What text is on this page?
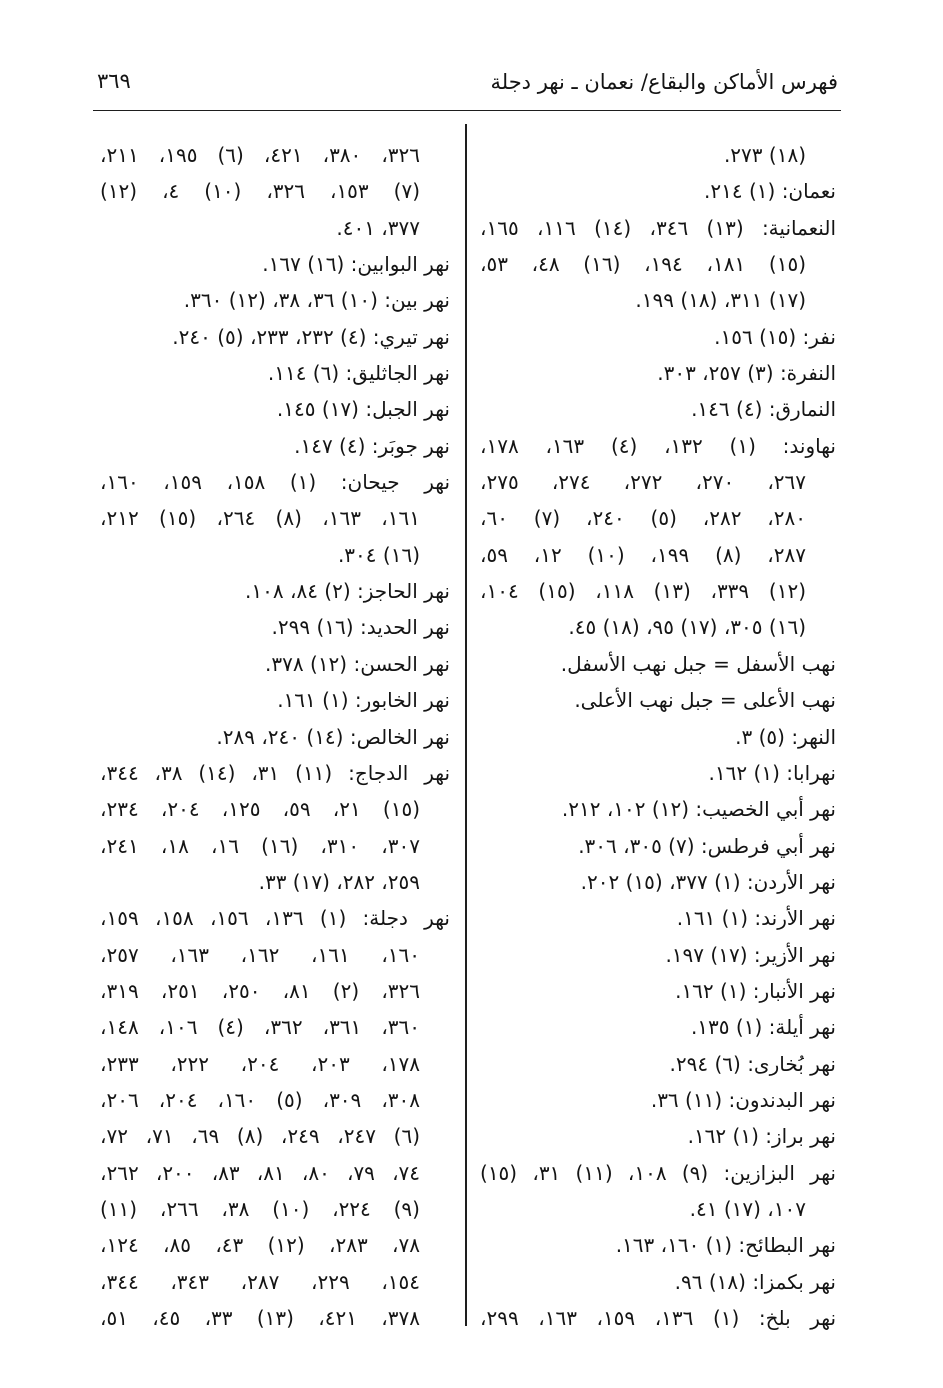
فهرس الأماكن والبقاع/ نعمان ـ نهر دجلة
٣٦٩
(١٨) ٢٧٣.
نعمان: (١) ٢١٤.
النعمانية: (١٣) ٣٤٦، (١٤) ١١٦، ١٦٥،
(١٥) ١٨١، ١٩٤، (١٦) ٤٨، ٥٣،
(١٧) ٣١١، (١٨) ١٩٩.
نفر: (١٥) ١٥٦.
النفرة: (٣) ٢٥٧، ٣٠٣.
النمارق: (٤) ١٤٦.
نهاوند: (١) ١٣٢، (٤) ١٦٣، ١٧٨،
٢٦٧، ٢٧٠، ٢٧٢، ٢٧٤، ٢٧٥،
٢٨٠، ٢٨٢، (٥) ٢٤٠، (٧) ٦٠،
٢٨٧، (٨) ١٩٩، (١٠) ١٢، ٥٩،
(١٢) ٣٣٩، (١٣) ١١٨، (١٥) ١٠٤،
(١٦) ٣٠٥، (١٧) ٩٥، (١٨) ٤٥.
نهب الأسفل = جبل نهب الأسفل.
نهب الأعلى = جبل نهب الأعلى.
النهر: (٥) ٣.
نهرابا: (١) ١٦٢.
نهر أبي الخصيب: (١٢) ١٠٢، ٢١٢.
نهر أبي فرطس: (٧) ٣٠٥، ٣٠٦.
نهر الأردن: (١) ٣٧٧، (١٥) ٢٠٢.
نهر الأرند: (١) ١٦١.
نهر الأزير: (١٧) ١٩٧.
نهر الأنبار: (١) ١٦٢.
نهر أيلة: (١) ١٣٥.
نهر بُخارى: (٦) ٢٩٤.
نهر البدندون: (١١) ٣٦.
نهر براز: (١) ١٦٢.
نهر البزازين: (٩) ١٠٨، (١١) ٣١، (١٥)
١٠٧، (١٧) ٤١.
نهر البطائح: (١) ١٦٠، ١٦٣.
نهر بكمزا: (١٨) ٩٦.
نهر بلخ: (١) ١٣٦، ١٥٩، ١٦٣، ٢٩٩،
٣٢٦، ٣٨٠، ٤٢١، (٦) ١٩٥، ٢١١،
(٧) ١٥٣، ٣٢٦، (١٠) ٤، (١٢)
٣٧٧، ٤٠١.
نهر البوابين: (١٦) ١٦٧.
نهر بين: (١٠) ٣٦، ٣٨، (١٢) ٣٦٠.
نهر تيري: (٤) ٢٣٢، ٢٣٣، (٥) ٢٤٠.
نهر الجاثليق: (٦) ١١٤.
نهر الجبل: (١٧) ١٤٥.
نهر جوبَر: (٤) ١٤٧.
نهر جيحان: (١) ١٥٨، ١٥٩، ١٦٠،
١٦١، ١٦٣، (٨) ٢٦٤، (١٥) ٢١٢،
(١٦) ٣٠٤.
نهر الحاجز: (٢) ٨٤، ١٠٨.
نهر الحديد: (١٦) ٢٩٩.
نهر الحسن: (١٢) ٣٧٨.
نهر الخابور: (١) ١٦١.
نهر الخالص: (١٤) ٢٤٠، ٢٨٩.
نهر الدجاج: (١١) ٣١، (١٤) ٣٨، ٣٤٤،
(١٥) ٢١، ٥٩، ١٢٥، ٢٠٤، ٢٣٤،
٣٠٧، ٣١٠، (١٦) ١٦، ١٨، ٢٤١،
٢٥٩، ٢٨٢، (١٧) ٣٣.
نهر دجلة: (١) ١٣٦، ١٥٦، ١٥٨، ١٥٩،
١٦٠، ١٦١، ١٦٢، ١٦٣، ٢٥٧،
٣٢٦، (٢) ٨١، ٢٥٠، ٢٥١، ٣١٩،
٣٦٠، ٣٦١، ٣٦٢، (٤) ١٠٦، ١٤٨،
١٧٨، ٢٠٣، ٢٠٤، ٢٢٢، ٢٣٣،
٣٠٨، ٣٠٩، (٥) ١٦٠، ٢٠٤، ٢٠٦،
(٦) ٢٤٧، ٢٤٩، (٨) ٦٩، ٧١، ٧٢،
٧٤، ٧٩، ٨٠، ٨١، ٨٣، ٢٠٠، ٢٦٢،
(٩) ٢٢٤، (١٠) ٣٨، ٢٦٦، (١١)
٧٨، ٢٨٣، (١٢) ٤٣، ٨٥، ١٢٤،
١٥٤، ٢٢٩، ٢٨٧، ٣٤٣، ٣٤٤،
٣٧٨، ٤٢١، (١٣) ٣٣، ٤٥، ٥١،
